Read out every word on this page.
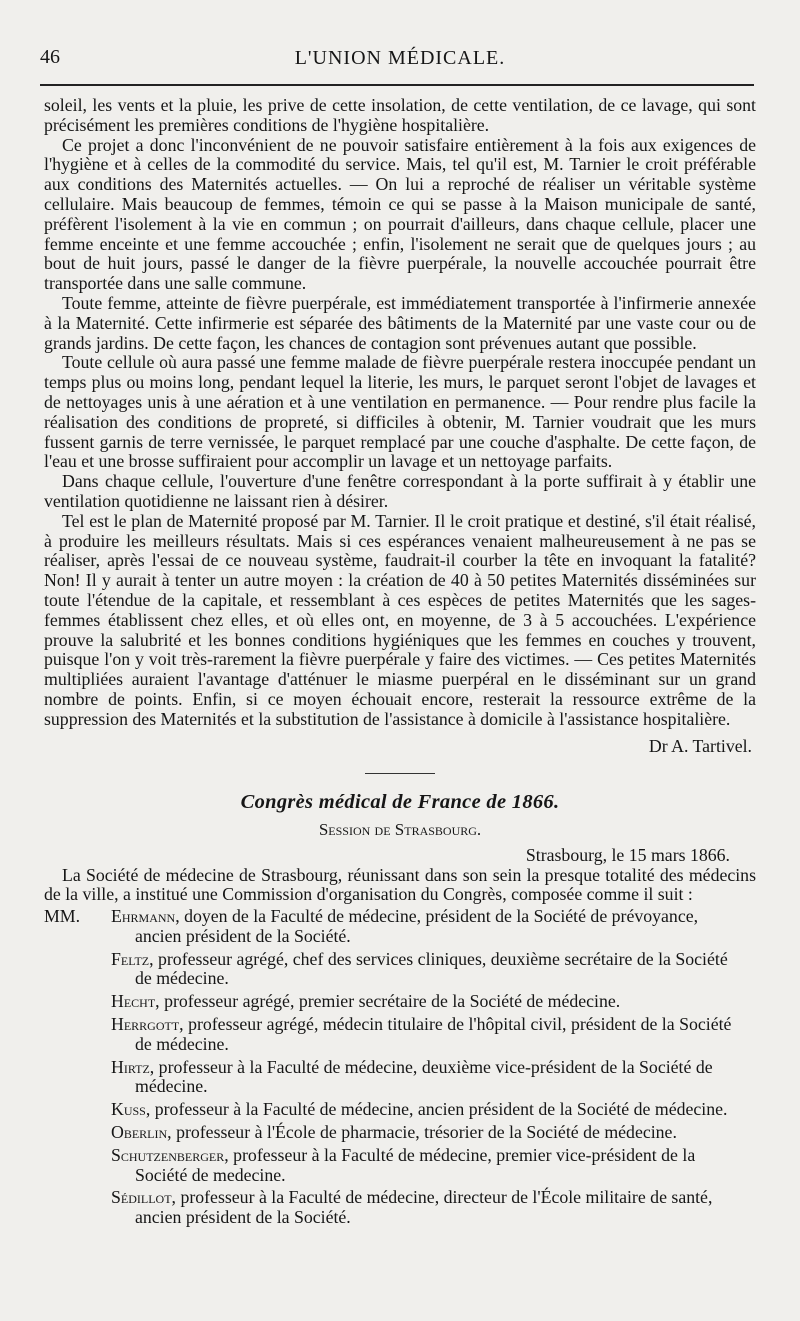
46	L'UNION MÉDICALE.

soleil, les vents et la pluie, les prive de cette insolation, de cette ventilation, de ce lavage, qui sont précisément les premières conditions de l'hygiène hospitalière.

Ce projet a donc l'inconvénient de ne pouvoir satisfaire entièrement à la fois aux exigences de l'hygiène et à celles de la commodité du service. Mais, tel qu'il est, M. Tarnier le croit préférable aux conditions des Maternités actuelles. — On lui a reproché de réaliser un véritable système cellulaire. Mais beaucoup de femmes, témoin ce qui se passe à la Maison municipale de santé, préfèrent l'isolement à la vie en commun ; on pourrait d'ailleurs, dans chaque cellule, placer une femme enceinte et une femme accouchée ; enfin, l'isolement ne serait que de quelques jours ; au bout de huit jours, passé le danger de la fièvre puerpérale, la nouvelle accouchée pourrait être transportée dans une salle commune.

Toute femme, atteinte de fièvre puerpérale, est immédiatement transportée à l'infirmerie annexée à la Maternité. Cette infirmerie est séparée des bâtiments de la Maternité par une vaste cour ou de grands jardins. De cette façon, les chances de contagion sont prévenues autant que possible.

Toute cellule où aura passé une femme malade de fièvre puerpérale restera inoccupée pendant un temps plus ou moins long, pendant lequel la literie, les murs, le parquet seront l'objet de lavages et de nettoyages unis à une aération et à une ventilation en permanence. — Pour rendre plus facile la réalisation des conditions de propreté, si difficiles à obtenir, M. Tarnier voudrait que les murs fussent garnis de terre vernissée, le parquet remplacé par une couche d'asphalte. De cette façon, de l'eau et une brosse suffiraient pour accomplir un lavage et un nettoyage parfaits.

Dans chaque cellule, l'ouverture d'une fenêtre correspondant à la porte suffirait à y établir une ventilation quotidienne ne laissant rien à désirer.

Tel est le plan de Maternité proposé par M. Tarnier. Il le croit pratique et destiné, s'il était réalisé, à produire les meilleurs résultats. Mais si ces espérances venaient malheureusement à ne pas se réaliser, après l'essai de ce nouveau système, faudrait-il courber la tête en invoquant la fatalité? Non! Il y aurait à tenter un autre moyen : la création de 40 à 50 petites Maternités disséminées sur toute l'étendue de la capitale, et ressemblant à ces espèces de petites Maternités que les sages-femmes établissent chez elles, et où elles ont, en moyenne, de 3 à 5 accouchées. L'expérience prouve la salubrité et les bonnes conditions hygiéniques que les femmes en couches y trouvent, puisque l'on y voit très-rarement la fièvre puerpérale y faire des victimes. — Ces petites Maternités multipliées auraient l'avantage d'atténuer le miasme puerpéral en le disséminant sur un grand nombre de points. Enfin, si ce moyen échouait encore, resterait la ressource extrême de la suppression des Maternités et la substitution de l'assistance à domicile à l'assistance hospitalière.

Dr A. Tartivel.
Congrès médical de France de 1866.
Session de Strasbourg.
Strasbourg, le 15 mars 1866.

La Société de médecine de Strasbourg, réunissant dans son sein la presque totalité des médecins de la ville, a institué une Commission d'organisation du Congrès, composée comme il suit :

MM.	Ehrmann, doyen de la Faculté de médecine, président de la Société de prévoyance,
ancien président de la Société.
Feltz, professeur agrégé, chef des services cliniques, deuxième secrétaire de la Société
de médecine.
Hecht, professeur agrégé, premier secrétaire de la Société de médecine.
Herrgott, professeur agrégé, médecin titulaire de l'hôpital civil, président de la Société
de médecine.
Hirtz, professeur à la Faculté de médecine, deuxième vice-président de la Société de
médecine.
Kuss, professeur à la Faculté de médecine, ancien président de la Société de médecine.
Oberlin, professeur à l'École de pharmacie, trésorier de la Société de médecine.
Schutzenberger, professeur à la Faculté de médecine, premier vice-président de la
Société de medecine.
Sédillot, professeur à la Faculté de médecine, directeur de l'École militaire de santé,
ancien président de la Société.
